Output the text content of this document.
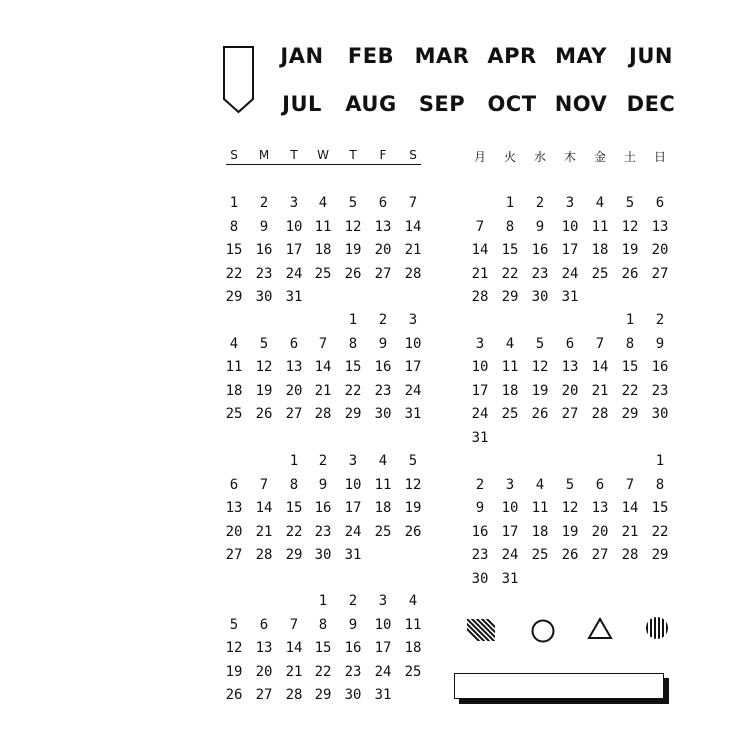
JAN FEB MAR APR MAY JUN
JUL AUG SEP OCT NOV DEC
S M T W T F S	月 火 水 木 金 土 日
1 2 3 4 5 6 7
8 9 10 11 12 13 14
15 16 17 18 19 20 21
22 23 24 25 26 27 28
29 30 31
1 2 3
4 5 6 7 8 9 10
11 12 13 14 15 16 17
18 19 20 21 22 23 24
25 26 27 28 29 30 31
1 2 3 4 5
6 7 8 9 10 11 12
13 14 15 16 17 18 19
20 21 22 23 24 25 26
27 28 29 30 31
1 2 3 4
5 6 7 8 9 10 11
12 13 14 15 16 17 18
19 20 21 22 23 24 25
26 27 28 29 30 31
1 2 3 4 5 6
7 8 9 10 11 12 13
14 15 16 17 18 19 20
21 22 23 24 25 26 27
28 29 30 31
1 2
3 4 5 6 7 8 9
10 11 12 13 14 15 16
17 18 19 20 21 22 23
24 25 26 27 28 29 30
31
1
2 3 4 5 6 7 8
9 10 11 12 13 14 15
16 17 18 19 20 21 22
23 24 25 26 27 28 29
30 31
